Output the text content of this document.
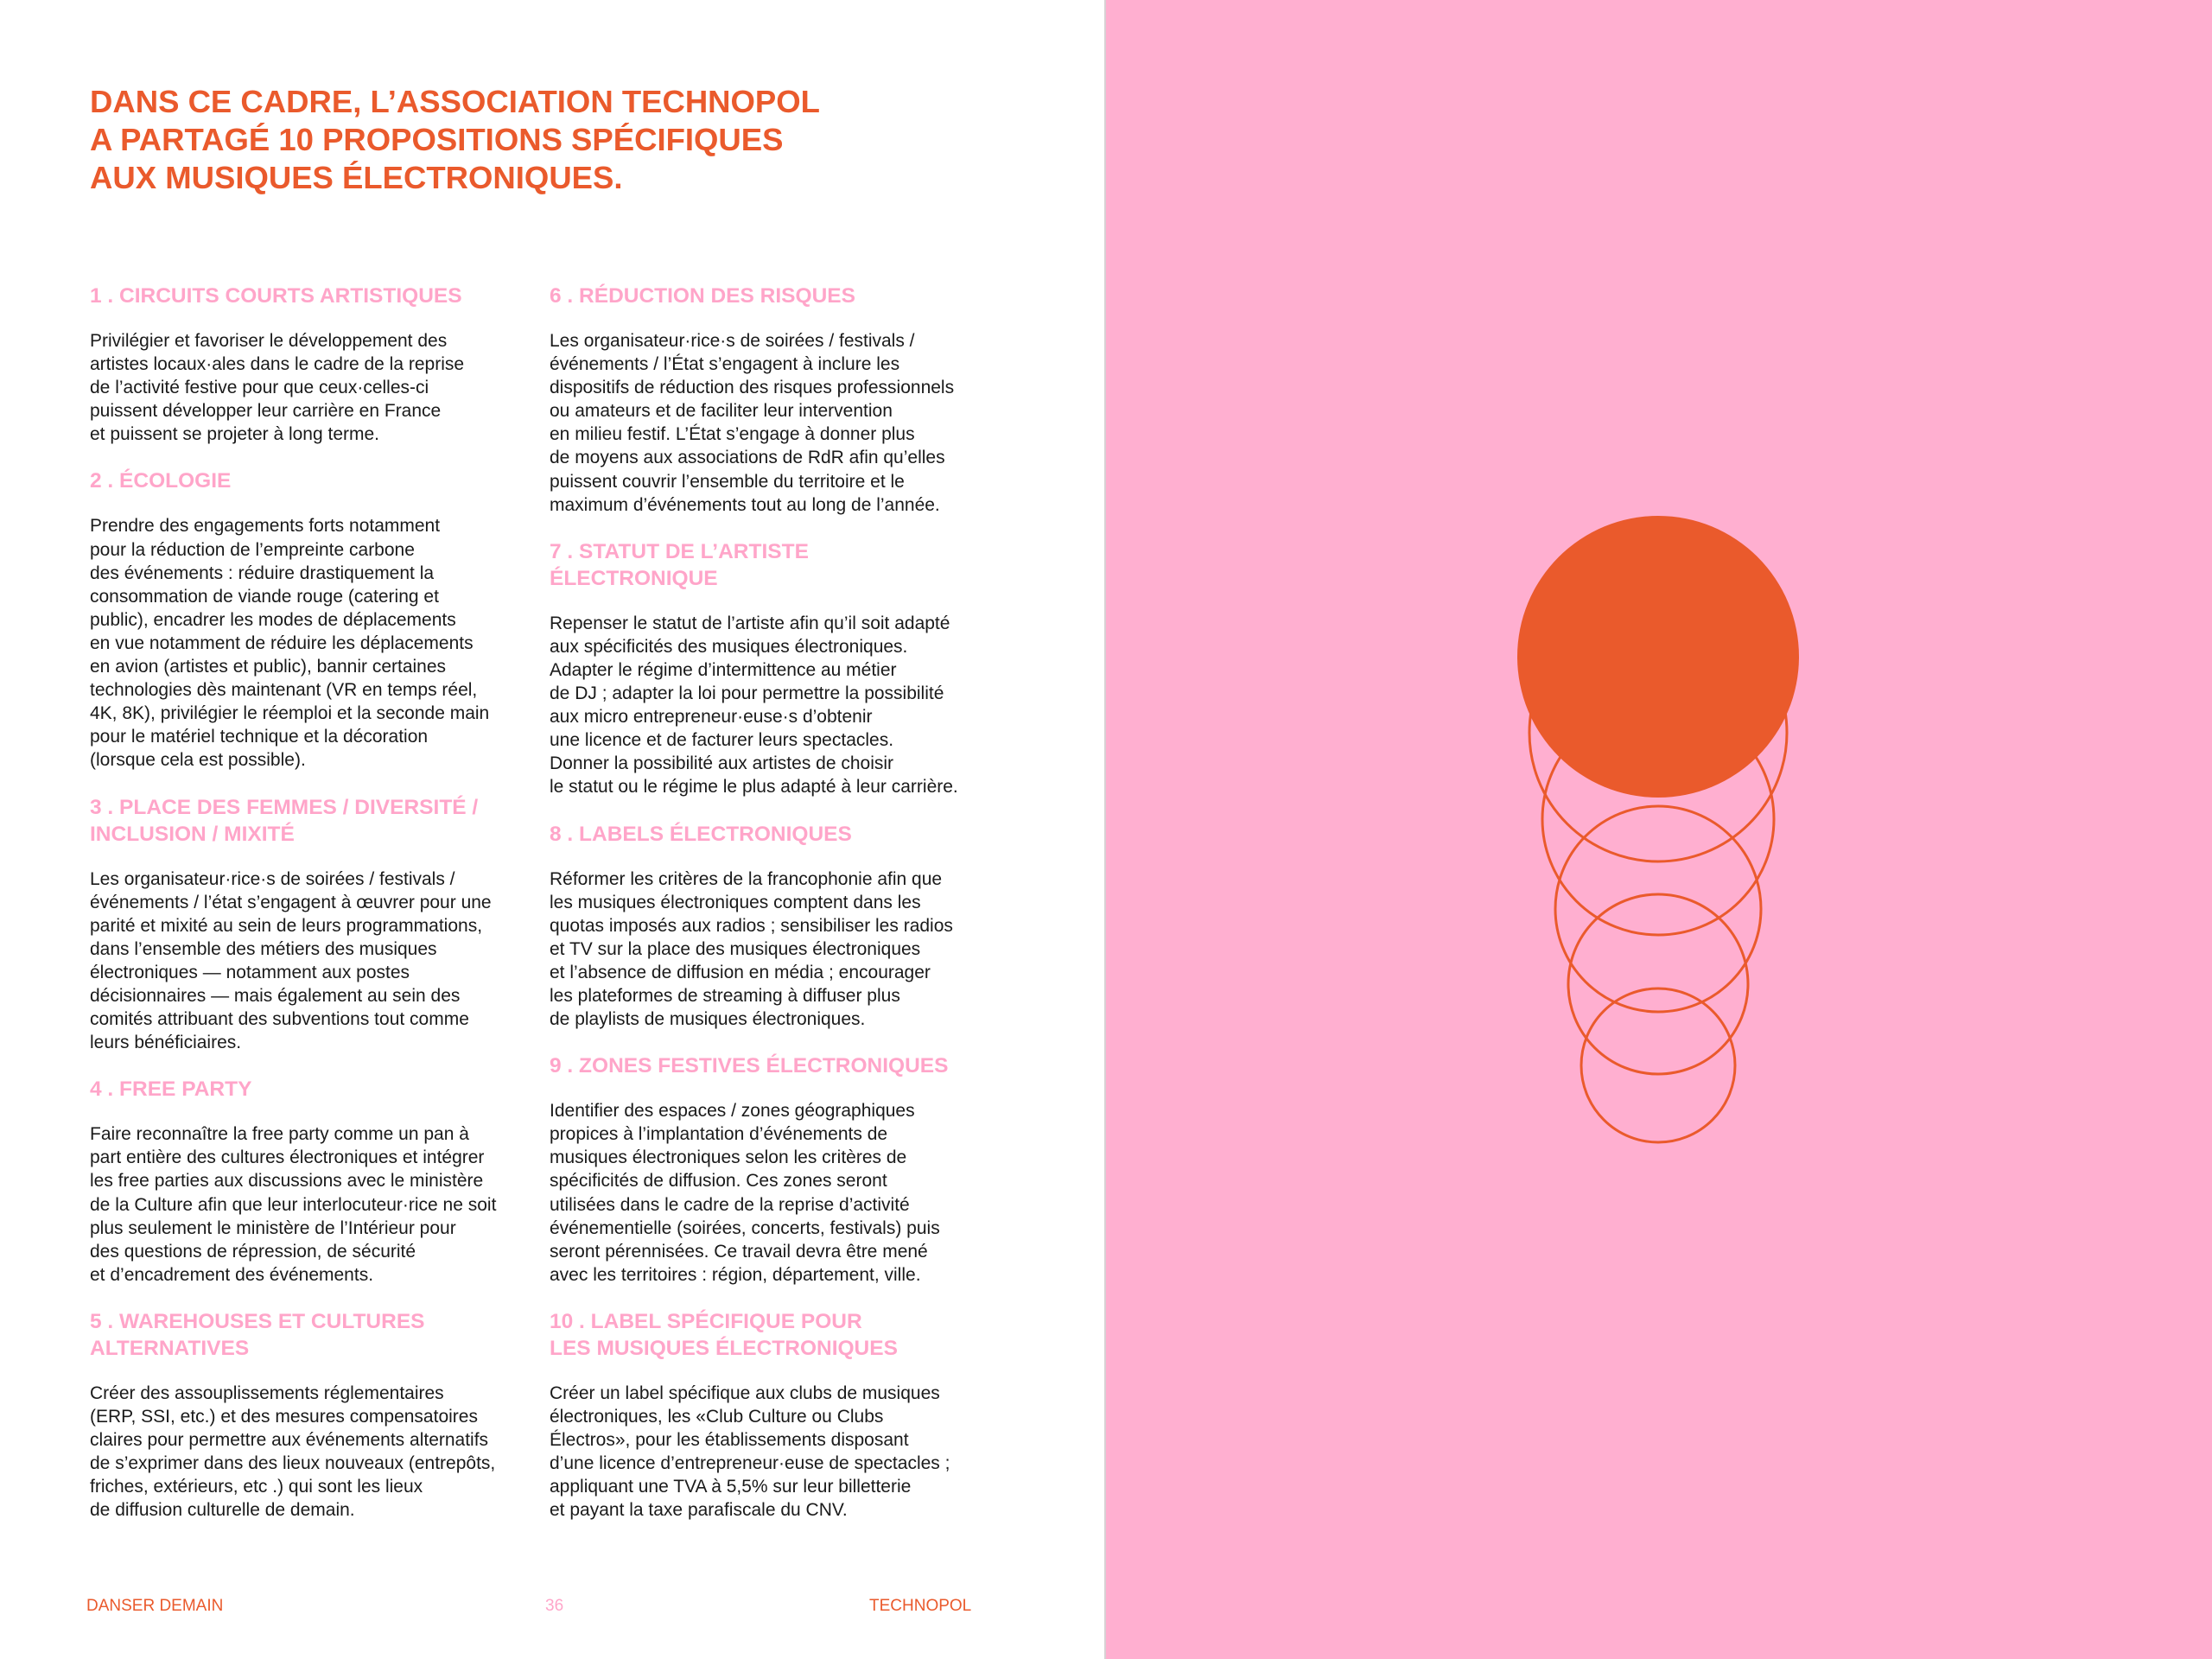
DANS CE CADRE, L’ASSOCIATION TECHNOPOL
A PARTAGÉ 10 PROPOSITIONS SPÉCIFIQUES
AUX MUSIQUES ÉLECTRONIQUES.
1 . CIRCUITS COURTS ARTISTIQUES

Privilégier et favoriser le développement des
artistes locaux·ales dans le cadre de la reprise
de l’activité festive pour que ceux·celles-ci
puissent développer leur carrière en France
et puissent se projeter à long terme.

2 . ÉCOLOGIE

Prendre des engagements forts notamment
pour la réduction de l’empreinte carbone
des événements : réduire drastiquement la
consommation de viande rouge (catering et
public), encadrer les modes de déplacements
en vue notamment de réduire les déplacements
en avion (artistes et public), bannir certaines
technologies dès maintenant (VR en temps réel,
4K, 8K), privilégier le réemploi et la seconde main
pour le matériel technique et la décoration
(lorsque cela est possible).

3 . PLACE DES FEMMES / DIVERSITÉ /
INCLUSION / MIXITÉ

Les organisateur·rice·s de soirées / festivals /
événements / l’état s’engagent à œuvrer pour une
parité et mixité au sein de leurs programmations,
dans l’ensemble des métiers des musiques
électroniques — notamment aux postes
décisionnaires — mais également au sein des
comités attribuant des subventions tout comme
leurs bénéficiaires.

4 . FREE PARTY

Faire reconnaître la free party comme un pan à
part entière des cultures électroniques et intégrer
les free parties aux discussions avec le ministère
de la Culture afin que leur interlocuteur·rice ne soit
plus seulement le ministère de l’Intérieur pour
des questions de répression, de sécurité
et d’encadrement des événements.

5 . WAREHOUSES ET CULTURES
ALTERNATIVES

Créer des assouplissements réglementaires
(ERP, SSI, etc.) et des mesures compensatoires
claires pour permettre aux événements alternatifs
de s’exprimer dans des lieux nouveaux (entrepôts,
friches, extérieurs, etc .) qui sont les lieux
de diffusion culturelle de demain.

6 . RÉDUCTION DES RISQUES

Les organisateur·rice·s de soirées / festivals /
événements / l’État s’engagent à inclure les
dispositifs de réduction des risques professionnels
ou amateurs et de faciliter leur intervention
en milieu festif. L’État s’engage à donner plus
de moyens aux associations de RdR afin qu’elles
puissent couvrir l’ensemble du territoire et le
maximum d’événements tout au long de l’année.

7 . STATUT DE L’ARTISTE
ÉLECTRONIQUE

Repenser le statut de l’artiste afin qu’il soit adapté
aux spécificités des musiques électroniques.
Adapter le régime d’intermittence au métier
de DJ ; adapter la loi pour permettre la possibilité
aux micro entrepreneur·euse·s d’obtenir
une licence et de facturer leurs spectacles.
Donner la possibilité aux artistes de choisir
le statut ou le régime le plus adapté à leur carrière.

8 . LABELS ÉLECTRONIQUES

Réformer les critères de la francophonie afin que
les musiques électroniques comptent dans les
quotas imposés aux radios ; sensibiliser les radios
et TV sur la place des musiques électroniques
et l’absence de diffusion en média ; encourager
les plateformes de streaming à diffuser plus
de playlists de musiques électroniques.

9 . ZONES FESTIVES ÉLECTRONIQUES

Identifier des espaces / zones géographiques
propices à l’implantation d’événements de
musiques électroniques selon les critères de
spécificités de diffusion. Ces zones seront
utilisées dans le cadre de la reprise d’activité
événementielle (soirées, concerts, festivals) puis
seront pérennisées. Ce travail devra être mené
avec les territoires : région, département, ville.

10 . LABEL SPÉCIFIQUE POUR
LES MUSIQUES ÉLECTRONIQUES

Créer un label spécifique aux clubs de musiques
électroniques, les «Club Culture ou Clubs
Électros», pour les établissements disposant
d’une licence d’entrepreneur·euse de spectacles ;
appliquant une TVA à 5,5% sur leur billetterie
et payant la taxe parafiscale du CNV.

DANSER DEMAIN	36	TECHNOPOL
